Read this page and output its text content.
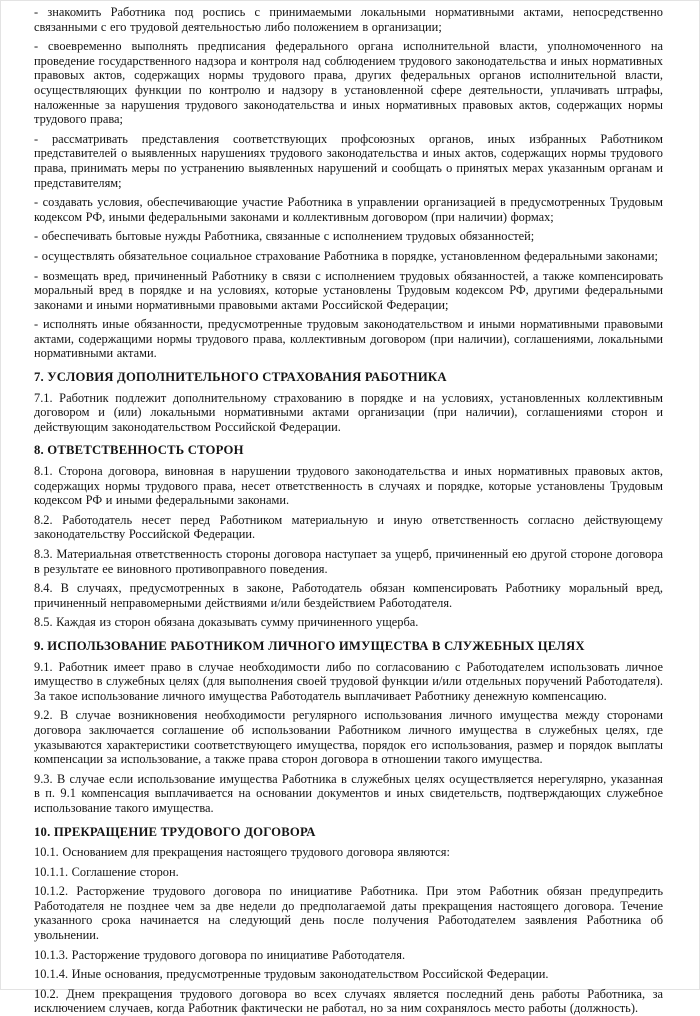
- знакомить Работника под роспись с принимаемыми локальными нормативными актами, непосредственно связанными с его трудовой деятельностью либо положением в организации;

- своевременно выполнять предписания федерального органа исполнительной власти, уполномоченного на проведение государственного надзора и контроля над соблюдением трудового законодательства и иных нормативных правовых актов, содержащих нормы трудового права, других федеральных органов исполнительной власти, осуществляющих функции по контролю и надзору в установленной сфере деятельности, уплачивать штрафы, наложенные за нарушения трудового законодательства и иных нормативных правовых актов, содержащих нормы трудового права;

- рассматривать представления соответствующих профсоюзных органов, иных избранных Работником представителей о выявленных нарушениях трудового законодательства и иных актов, содержащих нормы трудового права, принимать меры по устранению выявленных нарушений и сообщать о принятых мерах указанным органам и представителям;

- создавать условия, обеспечивающие участие Работника в управлении организацией в предусмотренных Трудовым кодексом РФ, иными федеральными законами и коллективным договором (при наличии) формах;

- обеспечивать бытовые нужды Работника, связанные с исполнением трудовых обязанностей;

- осуществлять обязательное социальное страхование Работника в порядке, установленном федеральными законами;

- возмещать вред, причиненный Работнику в связи с исполнением трудовых обязанностей, а также компенсировать моральный вред в порядке и на условиях, которые установлены Трудовым кодексом РФ, другими федеральными законами и иными нормативными правовыми актами Российской Федерации;

- исполнять иные обязанности, предусмотренные трудовым законодательством и иными нормативными правовыми актами, содержащими нормы трудового права, коллективным договором (при наличии), соглашениями, локальными нормативными актами.

7. УСЛОВИЯ ДОПОЛНИТЕЛЬНОГО СТРАХОВАНИЯ РАБОТНИКА

7.1. Работник подлежит дополнительному страхованию в порядке и на условиях, установленных коллективным договором и (или) локальными нормативными актами организации (при наличии), соглашениями сторон и действующим законодательством Российской Федерации.

8. ОТВЕТСТВЕННОСТЬ СТОРОН

8.1. Сторона договора, виновная в нарушении трудового законодательства и иных нормативных правовых актов, содержащих нормы трудового права, несет ответственность в случаях и порядке, которые установлены Трудовым кодексом РФ и иными федеральными законами.

8.2. Работодатель несет перед Работником материальную и иную ответственность согласно действующему законодательству Российской Федерации.

8.3. Материальная ответственность стороны договора наступает за ущерб, причиненный ею другой стороне договора в результате ее виновного противоправного поведения.

8.4. В случаях, предусмотренных в законе, Работодатель обязан компенсировать Работнику моральный вред, причиненный неправомерными действиями и/или бездействием Работодателя.

8.5. Каждая из сторон обязана доказывать сумму причиненного ущерба.

9. ИСПОЛЬЗОВАНИЕ РАБОТНИКОМ ЛИЧНОГО ИМУЩЕСТВА В СЛУЖЕБНЫХ ЦЕЛЯХ

9.1. Работник имеет право в случае необходимости либо по согласованию с Работодателем использовать личное имущество в служебных целях (для выполнения своей трудовой функции и/или отдельных поручений Работодателя). За такое использование личного имущества Работодатель выплачивает Работнику денежную компенсацию.

9.2. В случае возникновения необходимости регулярного использования личного имущества между сторонами договора заключается соглашение об использовании Работником личного имущества в служебных целях, где указываются характеристики соответствующего имущества, порядок его использования, размер и порядок выплаты компенсации за использование, а также права сторон договора в отношении такого имущества.

9.3. В случае если использование имущества Работника в служебных целях осуществляется нерегулярно, указанная в п. 9.1 компенсация выплачивается на основании документов и иных свидетельств, подтверждающих служебное использование такого имущества.

10. ПРЕКРАЩЕНИЕ ТРУДОВОГО ДОГОВОРА

10.1. Основанием для прекращения настоящего трудового договора являются:

10.1.1. Соглашение сторон.

10.1.2. Расторжение трудового договора по инициативе Работника. При этом Работник обязан предупредить Работодателя не позднее чем за две недели до предполагаемой даты прекращения настоящего договора. Течение указанного срока начинается на следующий день после получения Работодателем заявления Работника об увольнении.

10.1.3. Расторжение трудового договора по инициативе Работодателя.

10.1.4. Иные основания, предусмотренные трудовым законодательством Российской Федерации.

10.2. Днем прекращения трудового договора во всех случаях является последний день работы Работника, за исключением случаев, когда Работник фактически не работал, но за ним сохранялось место работы (должность).
